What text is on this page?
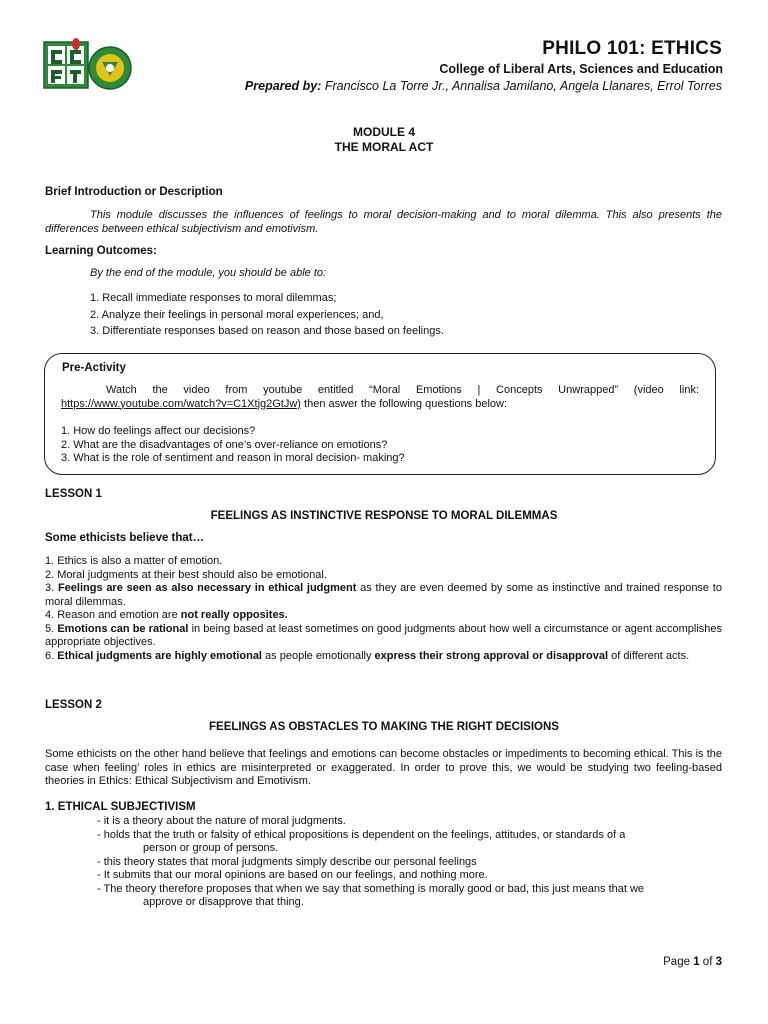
PHILO 101: ETHICS
College of Liberal Arts, Sciences and Education
Prepared by: Francisco La Torre Jr., Annalisa Jamilano, Angela Llanares, Errol Torres
MODULE 4
THE MORAL ACT
Brief Introduction or Description
This module discusses the influences of feelings to moral decision-making and to moral dilemma. This also presents the differences between ethical subjectivism and emotivism.
Learning Outcomes:
By the end of the module, you should be able to:
1. Recall immediate responses to moral dilemmas;
2. Analyze their feelings in personal moral experiences; and,
3. Differentiate responses based on reason and those based on feelings.
Pre-Activity
Watch the video from youtube entitled “Moral Emotions | Concepts Unwrapped” (video link: https://www.youtube.com/watch?v=C1Xtjg2GtJw) then aswer the following questions below:
1. How do feelings affect our decisions?
2. What are the disadvantages of one’s over-reliance on emotions?
3. What is the role of sentiment and reason in moral decision- making?
LESSON 1
FEELINGS AS INSTINCTIVE RESPONSE TO MORAL DILEMMAS
Some ethicists believe that…
1. Ethics is also a matter of emotion.
2. Moral judgments at their best should also be emotional.
3. Feelings are seen as also necessary in ethical judgment as they are even deemed by some as instinctive and trained response to moral dilemmas.
4. Reason and emotion are not really opposites.
5. Emotions can be rational in being based at least sometimes on good judgments about how well a circumstance or agent accomplishes appropriate objectives.
6. Ethical judgments are highly emotional as people emotionally express their strong approval or disapproval of different acts.
LESSON 2
FEELINGS AS OBSTACLES TO MAKING THE RIGHT DECISIONS
Some ethicists on the other hand believe that feelings and emotions can become obstacles or impediments to becoming ethical. This is the case when feeling’ roles in ethics are misinterpreted or exaggerated. In order to prove this, we would be studying two feeling-based theories in Ethics: Ethical Subjectivism and Emotivism.
1. ETHICAL SUBJECTIVISM
- it is a theory about the nature of moral judgments.
- holds that the truth or falsity of ethical propositions is dependent on the feelings, attitudes, or standards of a
person or group of persons.
- this theory states that moral judgments simply describe our personal feelings
- It submits that our moral opinions are based on our feelings, and nothing more.
- The theory therefore proposes that when we say that something is morally good or bad, this just means that we
approve or disapprove that thing.
Page 1 of 3
